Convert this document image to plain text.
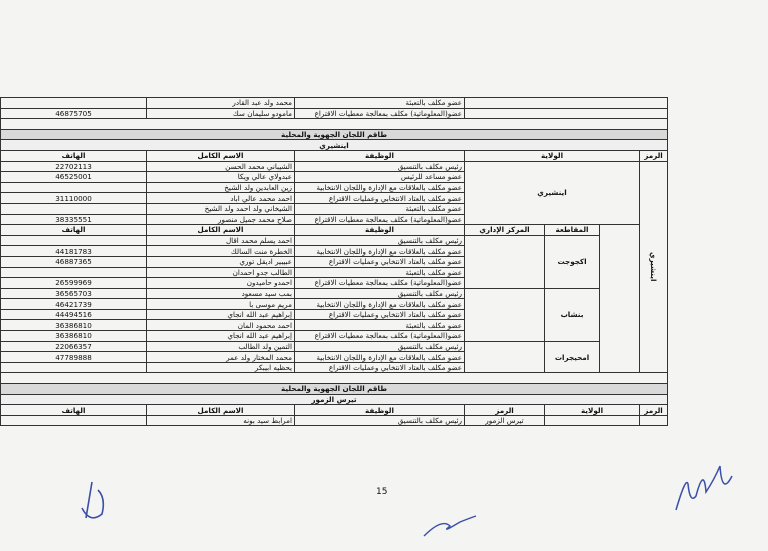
				عضو مكلف بالتعبئة	محمد ولد عبد القادر	
				عضو(المعلوماتية) مكلف بمعالجة معطيات الاقتراع	مامودو سليمان سك	46875705

طاقم اللجان الجهوية والمحلية						
اينشيري						
الرمز	الولاية			الوظيفة	الاسم الكامل	الهاتف
اينشيري	اينشيري			رئيس مكلف بالتنسيق	الشيباني محمد الحسن	22702113
				عضو مساعد للرئيس	عبدولاي عالي ويكا	46525001
				عضو مكلف بالعلاقات مع الإدارة واللجان الانتخابية	زين العابدين ولد الشيخ	
				عضو مكلف بالعتاد الانتخابي وعمليات الاقتراع	احمد محمد عالي اباد	31110000
				عضو مكلف بالتعبئة	الشيخاني ولد احمد ولد الشيخ	
				عضو(المعلوماتية) مكلف بمعالجة معطيات الاقتراع	صلاح محمد جميل منصور	38335551
		المقاطعة	المركز الإداري	الوظيفة	الاسم الكامل	الهاتف
		اكجوجت		رئيس مكلف بالتنسيق	احمد يسلم محمد اقال	
				عضو مكلف بالعلاقات مع الإدارة واللجان الانتخابية	الخطرة منت السالك	44181783
				عضو مكلف بالعتاد الانتخابي وعمليات الاقتراع	عبيبير اديقل توري	46887365
				عضو مكلف بالتعبئة	الطالب جدو احمدان	
				عضو(المعلوماتية) مكلف بمعالجة معطيات الاقتراع	احمدو حاميدون	26599969
		بنشاب		رئيس مكلف بالتنسيق	بمب سيد مسعود	36565703
				عضو مكلف بالعلاقات مع الإدارة واللجان الانتخابية	مريم موسى با	46421739
				عضو مكلف بالعتاد الانتخابي وعمليات الاقتراع	إبراهيم عبد الله انجاي	44494516
				عضو مكلف بالتعبئة	احمد محمود المان	36386810
				عضو(المعلوماتية) مكلف بمعالجة معطيات الاقتراع	إبراهيم عبد الله انجاي	36386810
		امحيجرات		رئيس مكلف بالتنسيق	التمين ولد الطالب	22066357
				عضو مكلف بالعلاقات مع الإدارة واللجان الانتخابية	محمد المختار ولد عمر	47789888
				عضو مكلف بالعتاد الانتخابي وعمليات الاقتراع	يحظيه ابيبكر	

طاقم اللجان الجهوية والمحلية						
تيرس الزمور						
الرمز	الولاية		الرمز	الوظيفة	الاسم الكامل	الهاتف
			تيرس الزمور	رئيس مكلف بالتنسيق	امرابط سيد بونه	
15
